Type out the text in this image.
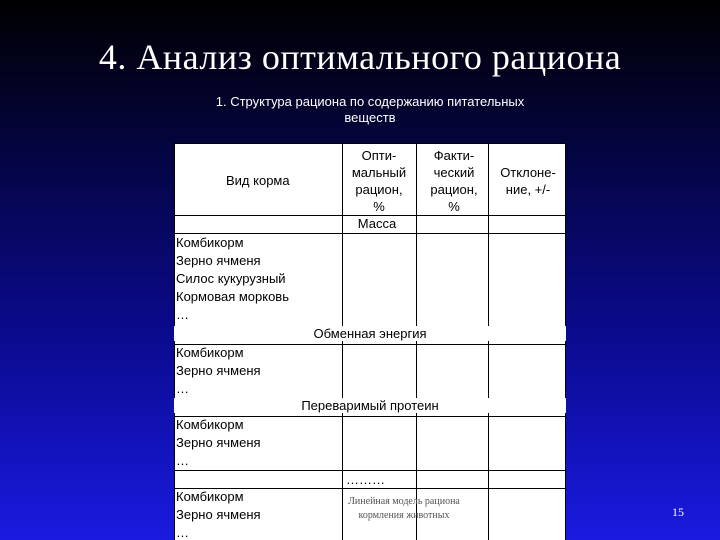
4. Анализ оптимального рациона
1. Структура рациона по содержанию питательных
веществ
Вид корма
Опти-
мальный
рацион,
%
Факти-
ческий
рацион,
%
Отклоне-
ние, +/-
Масса
Комбикорм
Зерно ячменя
Силос кукурузный
Кормовая морковь
…
Обменная энергия
Комбикорм
Зерно ячменя
…
Переваримый протеин
Комбикорм
Зерно ячменя
…
………
Комбикорм
Зерно ячменя
…
Линейная модель рациона
кормления животных	15
